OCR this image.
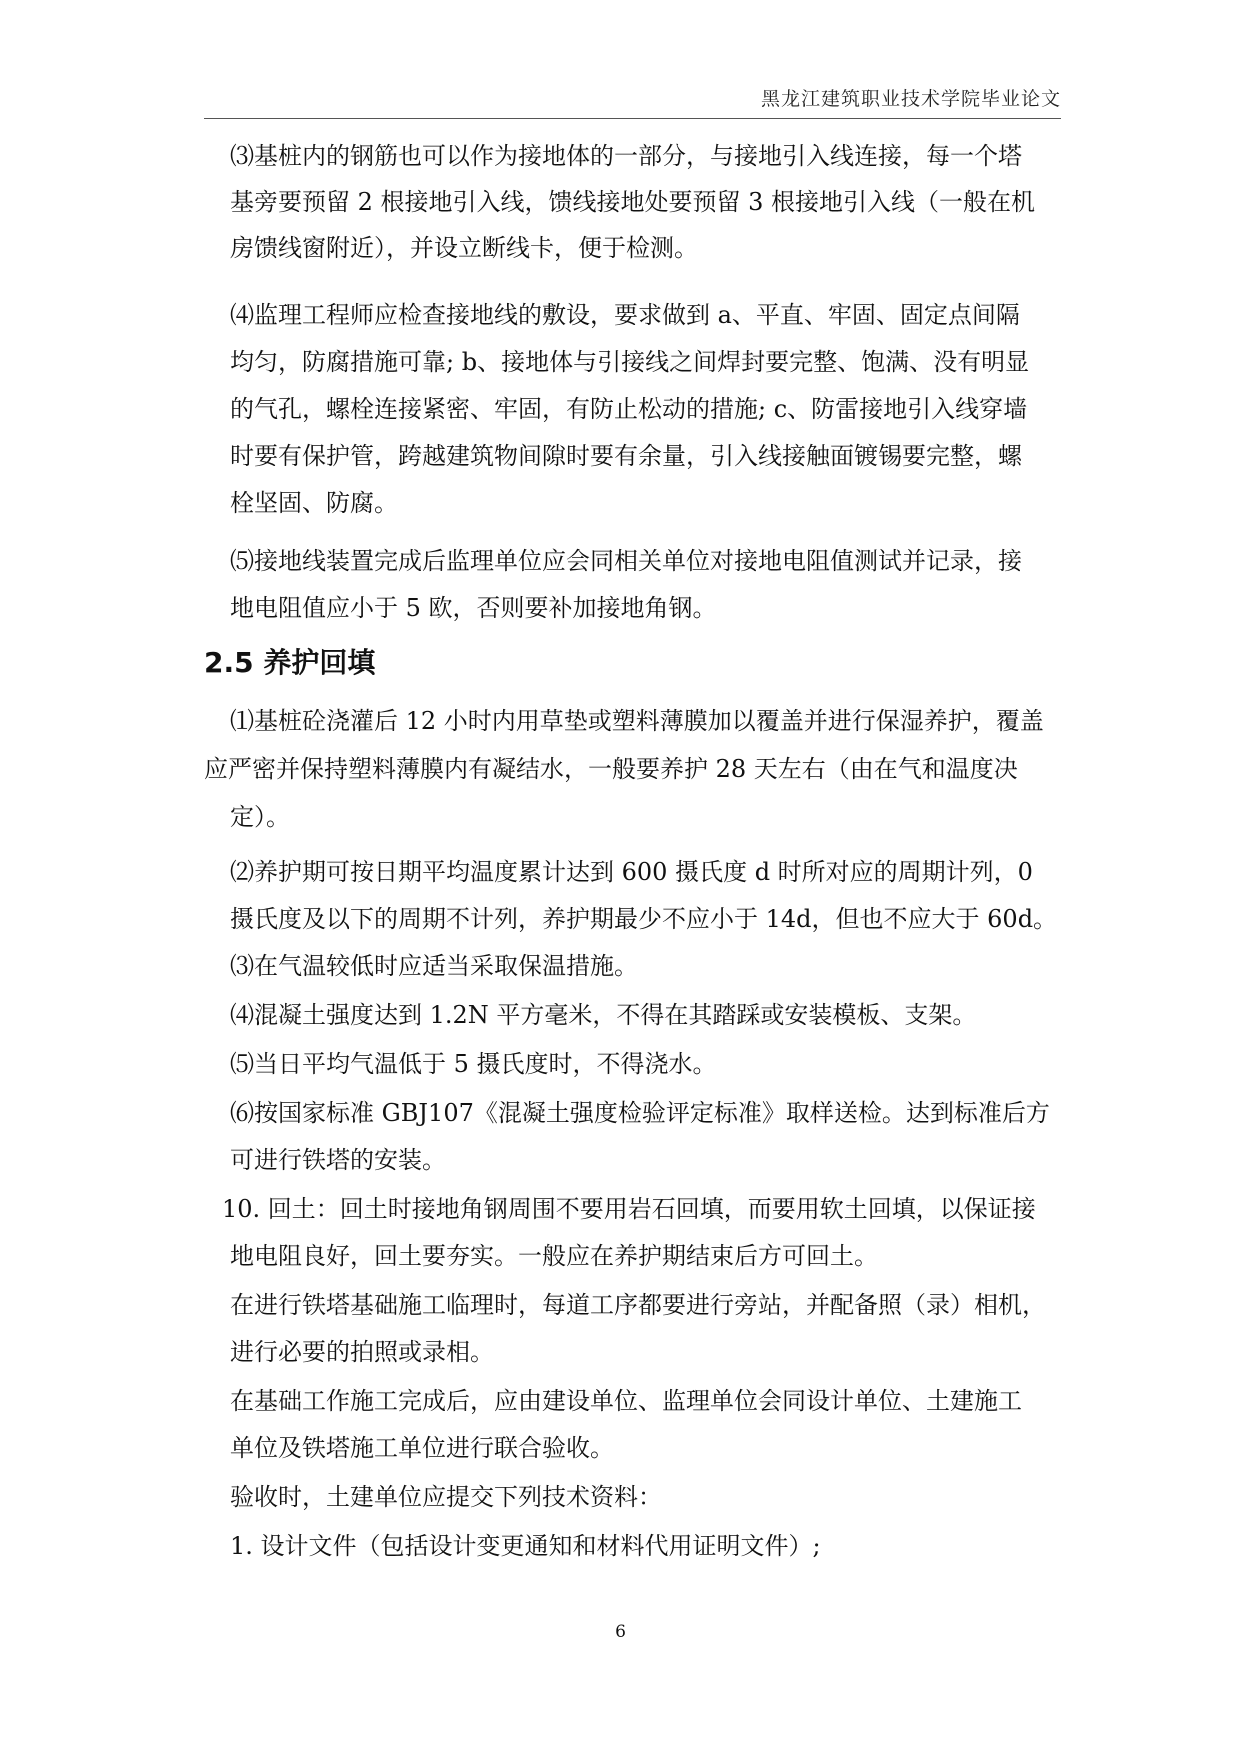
黑龙江建筑职业技术学院毕业论文
⑶基桩内的钢筋也可以作为接地体的一部分，与接地引入线连接，每一个塔
基旁要预留 2 根接地引入线，馈线接地处要预留 3 根接地引入线（一般在机
房馈线窗附近），并设立断线卡，便于检测。
⑷监理工程师应检查接地线的敷设，要求做到 a、平直、牢固、固定点间隔
均匀，防腐措施可靠; b、接地体与引接线之间焊封要完整、饱满、没有明显
的气孔，螺栓连接紧密、牢固，有防止松动的措施; c、防雷接地引入线穿墙
时要有保护管，跨越建筑物间隙时要有余量，引入线接触面镀锡要完整，螺
栓坚固、防腐。
⑸接地线装置完成后监理单位应会同相关单位对接地电阻值测试并记录，接
地电阻值应小于 5 欧，否则要补加接地角钢。
2.5 养护回填
⑴基桩砼浇灌后 12 小时内用草垫或塑料薄膜加以覆盖并进行保湿养护，覆盖
应严密并保持塑料薄膜内有凝结水，一般要养护 28 天左右（由在气和温度决
定）。
⑵养护期可按日期平均温度累计达到 600 摄氏度 d 时所对应的周期计列，0
摄氏度及以下的周期不计列，养护期最少不应小于 14d，但也不应大于 60d。
⑶在气温较低时应适当采取保温措施。
⑷混凝土强度达到 1.2N 平方毫米，不得在其踏踩或安装模板、支架。
⑸当日平均气温低于 5 摄氏度时，不得浇水。
⑹按国家标准 GBJ107《混凝土强度检验评定标准》取样送检。达到标准后方
可进行铁塔的安装。
10. 回土：回土时接地角钢周围不要用岩石回填，而要用软土回填，以保证接
地电阻良好，回土要夯实。一般应在养护期结束后方可回土。
在进行铁塔基础施工临理时，每道工序都要进行旁站，并配备照（录）相机，
进行必要的拍照或录相。
在基础工作施工完成后，应由建设单位、监理单位会同设计单位、土建施工
单位及铁塔施工单位进行联合验收。
验收时，土建单位应提交下列技术资料：
1. 设计文件（包括设计变更通知和材料代用证明文件）;
6
